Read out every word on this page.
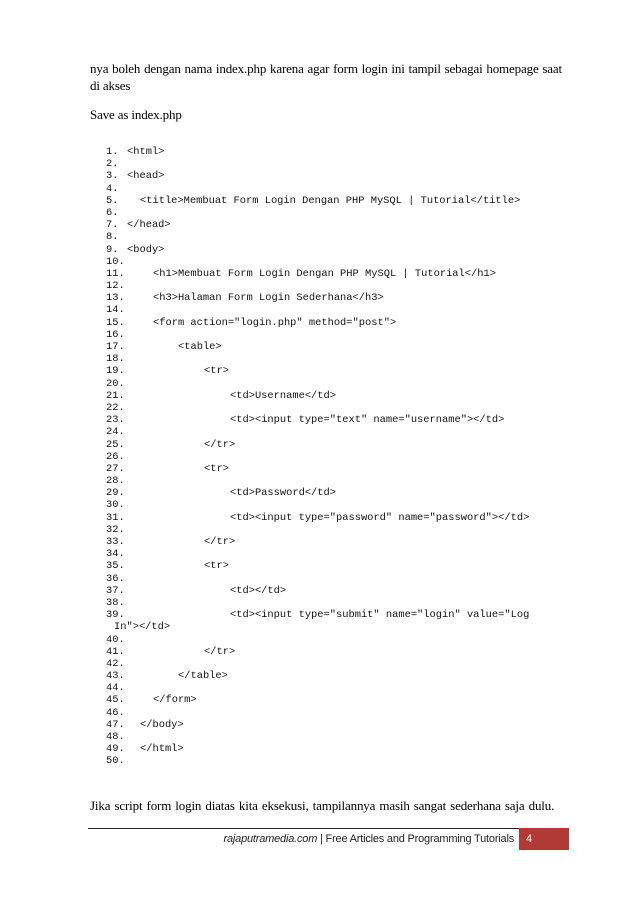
nya boleh dengan nama index.php karena agar form login ini tampil sebagai homepage saat di akses
Save as index.php
1. <html>
2.
3. <head>
4.
5. <title>Membuat Form Login Dengan PHP MySQL | Tutorial</title>
6.
7. </head>
8.
9. <body>
10.
11.	<h1>Membuat Form Login Dengan PHP MySQL | Tutorial</h1>
12.
13.	<h3>Halaman Form Login Sederhana</h3>
14.
15.	<form action="login.php" method="post">
16.
17.	<table>
18.
19.	<tr>
20.
21.	<td>Username</td>
22.
23.	<td><input type="text" name="username"></td>
24.
25.	</tr>
26.
27.	<tr>
28.
29.	<td>Password</td>
30.
31.	<td><input type="password" name="password"></td>
32.
33.	</tr>
34.
35.	<tr>
36.
37.	<td></td>
38.
39.	<td><input type="submit" name="login" value="Log
In"></td>
40.
41.	</tr>
42.
43.	</table>
44.
45.	</form>
46.
47. </body>
48.
49. </html>
50.
Jika script form login diatas kita eksekusi, tampilannya masih sangat sederhana saja dulu.
rajaputramedia.com | Free Articles and Programming Tutorials	4
